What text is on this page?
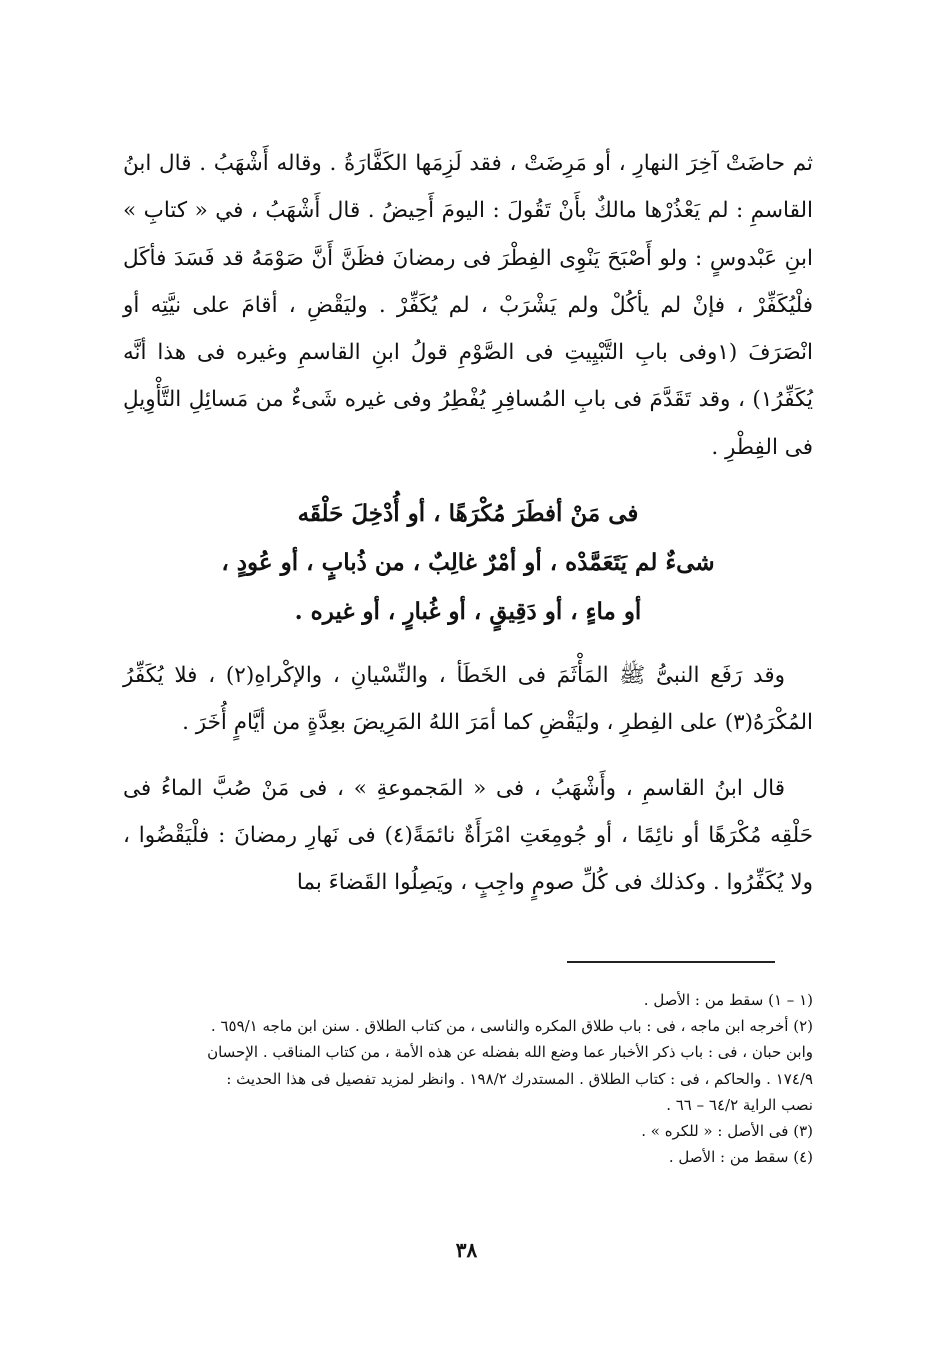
ثم حاضَتْ آخِرَ النهارِ ، أو مَرِضَتْ ، فقد لَزِمَها الكَفَّارَةُ . وقاله أَشْهَبُ . قال ابنُ القاسمِ : لم يَعْذُرْها مالكٌ بأَنْ تَقُولَ : اليومَ أَحِيضُ . قال أَشْهَبُ ، في « كتابِ » ابنِ عَبْدوسٍ : ولو أَصْبَحَ يَنْوِى الفِطْرَ فى رمضانَ فظَنَّ أَنَّ صَوْمَهُ قد فَسَدَ فأكَل فلْيُكَفِّرْ ، فإنْ لم يأكُلْ ولم يَشْرَبْ ، لم يُكَفِّرْ . وليَقْضِ ، أقامَ على نيَّتِه أو انْصَرَفَ (١وفى بابِ التَّبْيِيتِ فى الصَّوْمِ قولُ ابنِ القاسمِ وغيره فى هذا أنَّه يُكَفِّرُ١) ، وقد تَقَدَّمَ فى بابِ المُسافِرِ يُفْطِرُ وفى غيره شَىءٌ من مَسائِلِ التَّأْوِيلِ فى الفِطْرِ .

فى مَنْ أفطَرَ مُكْرَهًا ، أو أُدْخِلَ حَلْقَه
شىءٌ لم يَتَعَمَّدْه ، أو أمْرٌ غالِبٌ ، من ذُبابٍ ، أو عُودٍ ،
أو ماءٍ ، أو دَقِيقٍ ، أو غُبارٍ ، أو غيره .

وقد رَفَع النبىُّ ﷺ المَأْثَمَ فى الخَطَأ ، والنِّسْيانِ ، والإكْراهِ(٢) ، فلا يُكَفِّرُ المُكْرَهُ(٣) على الفِطرِ ، وليَقْضِ كما أمَرَ اللهُ المَرِيضَ بعِدَّةٍ من أيَّامٍ أُخَرَ .

قال ابنُ القاسمِ ، وأَشْهَبُ ، فى « المَجموعةِ » ، فى مَنْ صُبَّ الماءُ فى حَلْقِه مُكْرَهًا أو نائِمًا ، أو جُومِعَتِ امْرَأَةٌ نائمَةً(٤) فى نَهارِ رمضانَ : فلْيَقْضُوا ، ولا يُكَفِّرُوا . وكذلك فى كُلِّ صومٍ واجِبٍ ، ويَصِلُوا القَضاءَ بما

(١ – ١) سقط من : الأصل .

(٢) أخرجه ابن ماجه ، فى : باب طلاق المكره والناسى ، من كتاب الطلاق . سنن ابن ماجه ٦٥٩/١ .

وابن حبان ، فى : باب ذكر الأخبار عما وضع الله بفضله عن هذه الأمة ، من كتاب المناقب . الإحسان

١٧٤/٩ . والحاكم ، فى : كتاب الطلاق . المستدرك ١٩٨/٢ . وانظر لمزيد تفصيل فى هذا الحديث :

نصب الراية ٦٤/٢ – ٦٦ .

(٣) فى الأصل : « للكره » .

(٤) سقط من : الأصل .

٣٨
